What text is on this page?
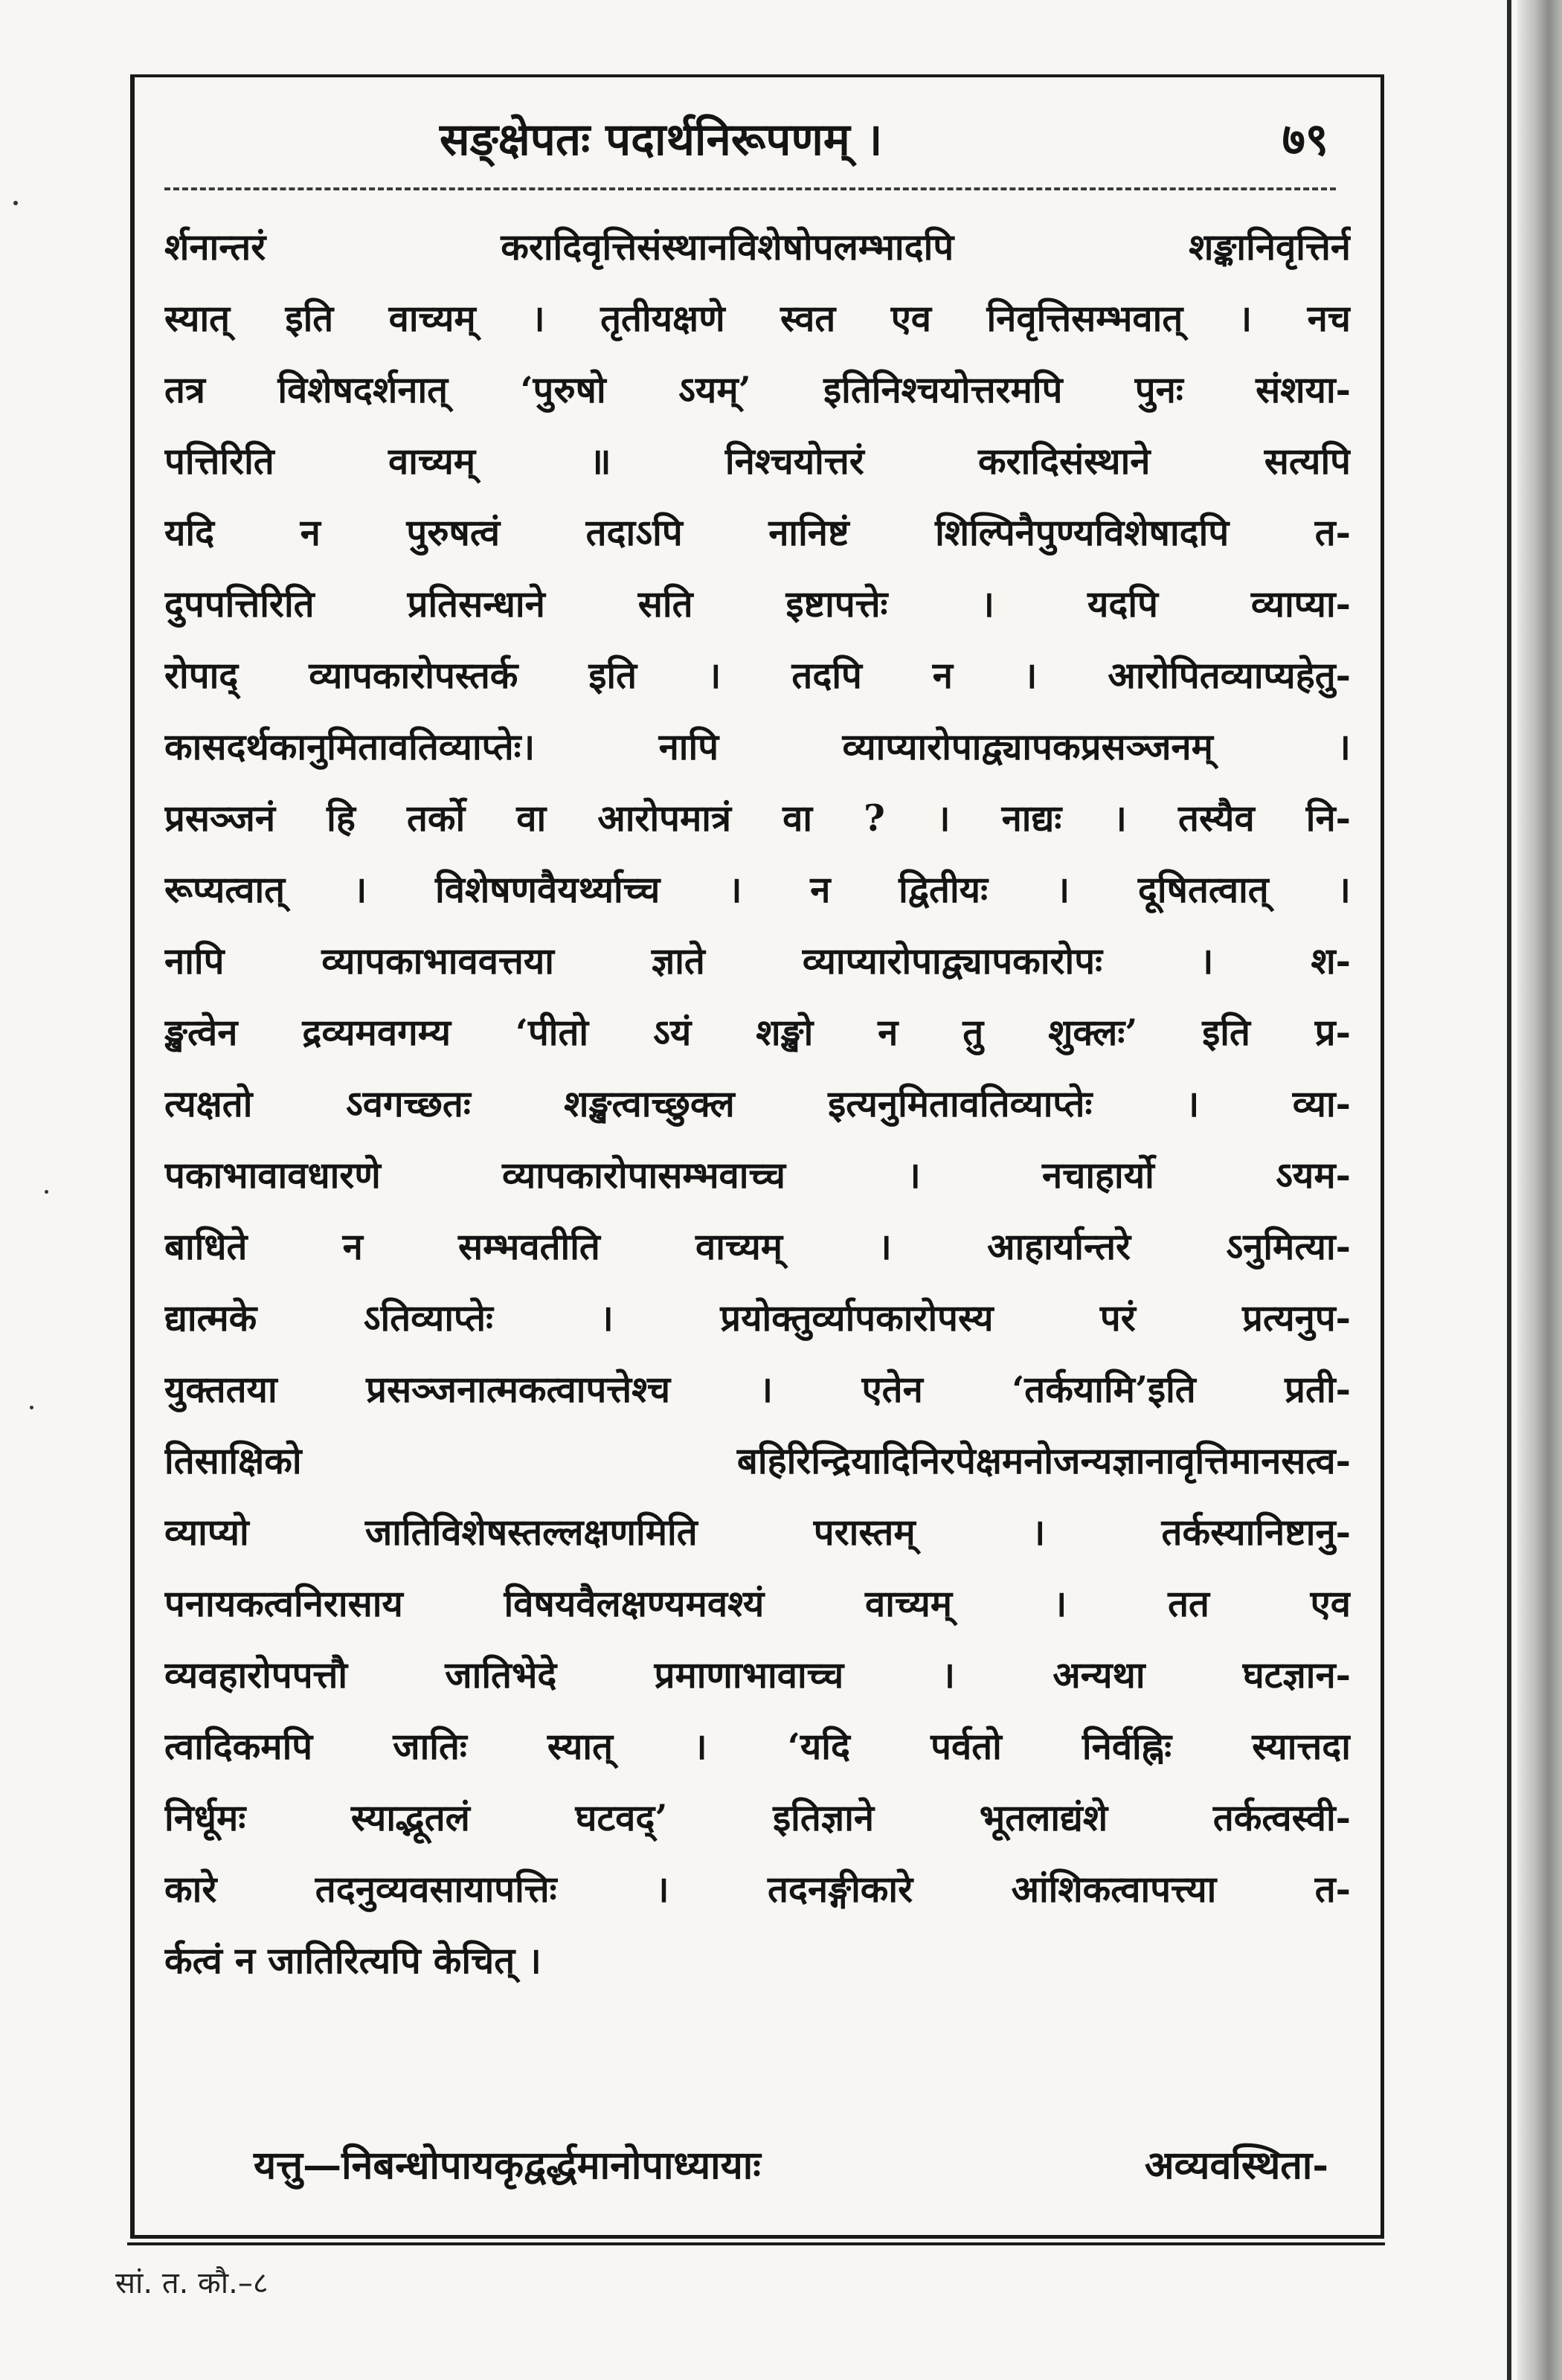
सङ्क्षेपतः पदार्थनिरूपणम् ।	७९
र्शनान्तरं करादिवृत्तिसंस्थानविशेषोपलम्भादपि शङ्कानिवृत्तिर्न
स्यात् इति वाच्यम् । तृतीयक्षणे स्वत एव निवृत्तिसम्भवात् । नच
तत्र विशेषदर्शनात् ‘पुरुषो ऽयम्’ इतिनिश्चयोत्तरमपि पुनः संशया-
पत्तिरिति वाच्यम् ॥ निश्चयोत्तरं करादिसंस्थाने सत्यपि
यदि न पुरुषत्वं तदाऽपि नानिष्टं शिल्पिनैपुण्यविशेषादपि त-
दुपपत्तिरिति प्रतिसन्धाने सति इष्टापत्तेः । यदपि व्याप्या-
रोपाद् व्यापकारोपस्तर्क इति । तदपि न । आरोपितव्याप्यहेतु-
कासदर्थकानुमितावतिव्याप्तेः। नापि व्याप्यारोपाद्व्यापकप्रसञ्जनम् ।
प्रसञ्जनं हि तर्को वा आरोपमात्रं वा ? । नाद्यः । तस्यैव नि-
रूप्यत्वात् । विशेषणवैयर्थ्याच्च । न द्वितीयः । दूषितत्वात् ।
नापि व्यापकाभाववत्तया ज्ञाते व्याप्यारोपाद्व्यापकारोपः । श-
ङ्खत्वेन द्रव्यमवगम्य ‘पीतो ऽयं शङ्खो न तु शुक्लः’ इति प्र-
त्यक्षतो ऽवगच्छतः शङ्खत्वाच्छुक्ल इत्यनुमितावतिव्याप्तेः । व्या-
पकाभावावधारणे व्यापकारोपासम्भवाच्च । नचाहार्यो ऽयम-
बाधिते न सम्भवतीति वाच्यम् । आहार्यान्तरे ऽनुमित्या-
द्यात्मके ऽतिव्याप्तेः । प्रयोक्तुर्व्यापकारोपस्य परं प्रत्यनुप-
युक्ततया प्रसञ्जनात्मकत्वापत्तेश्च । एतेन ‘तर्कयामि’इति प्रती-
तिसाक्षिको बहिरिन्द्रियादिनिरपेक्षमनोजन्यज्ञानावृत्तिमानसत्व-
व्याप्यो जातिविशेषस्तल्लक्षणमिति परास्तम् । तर्कस्यानिष्टानु-
पनायकत्वनिरासाय विषयवैलक्षण्यमवश्यं वाच्यम् । तत एव
व्यवहारोपपत्तौ जातिभेदे प्रमाणाभावाच्च । अन्यथा घटज्ञान-
त्वादिकमपि जातिः स्यात् । ‘यदि पर्वतो निर्वह्निः स्यात्तदा
निर्धूमः स्याद्भूतलं घटवद्’ इतिज्ञाने भूतलाद्यंशे तर्कत्वस्वी-
कारे तदनुव्यवसायापत्तिः । तदनङ्गीकारे आंशिकत्वापत्त्या त-
र्कत्वं न जातिरित्यपि केचित् ।
यत्तु—निबन्धोपायकृद्वर्द्धमानोपाध्यायाः	अव्यवस्थिता-
सां. त. कौ.–८
